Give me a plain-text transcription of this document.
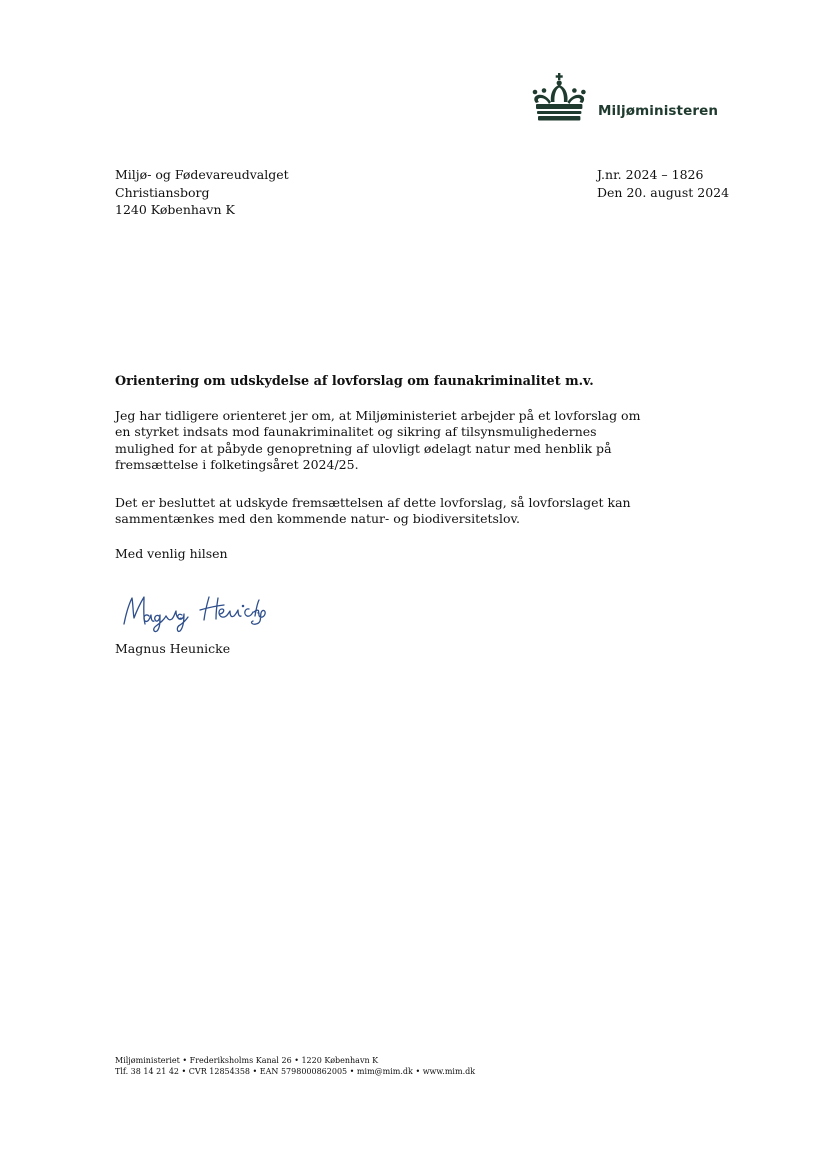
Miljøministeren
Miljø- og Fødevareudvalget
Christiansborg
1240 København K
J.nr. 2024 – 1826
Den 20. august 2024
Orientering om udskydelse af lovforslag om faunakriminalitet m.v.
Jeg har tidligere orienteret jer om, at Miljøministeriet arbejder på et lovforslag om
en styrket indsats mod faunakriminalitet og sikring af tilsynsmulighedernes
mulighed for at påbyde genopretning af ulovligt ødelagt natur med henblik på
fremsættelse i folketingsåret 2024/25.
Det er besluttet at udskyde fremsættelsen af dette lovforslag, så lovforslaget kan
sammentænkes med den kommende natur- og biodiversitetslov.
Med venlig hilsen
Magnus Heunicke
Miljøministeriet • Frederiksholms Kanal 26 • 1220 København K
Tlf. 38 14 21 42 • CVR 12854358 • EAN 5798000862005 • mim@mim.dk • www.mim.dk
